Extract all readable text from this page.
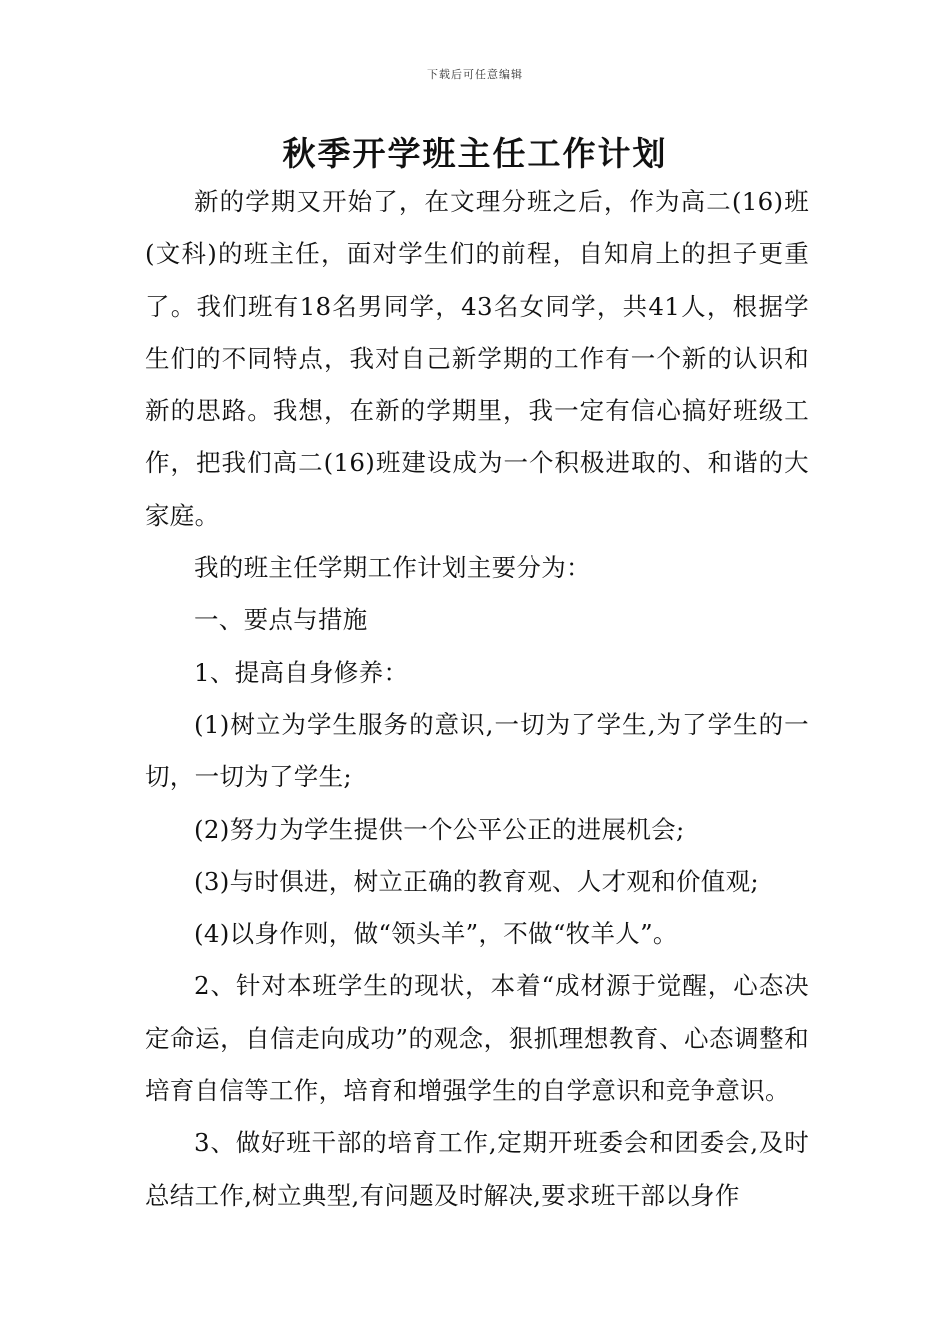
下载后可任意编辑
秋季开学班主任工作计划

新的学期又开始了，在文理分班之后，作为高二(16)班(文科)的班主任，面对学生们的前程，自知肩上的担子更重了。我们班有18名男同学，43名女同学，共41人，根据学生们的不同特点，我对自己新学期的工作有一个新的认识和新的思路。我想，在新的学期里，我一定有信心搞好班级工作，把我们高二(16)班建设成为一个积极进取的、和谐的大家庭。

我的班主任学期工作计划主要分为：

一、要点与措施

1、提高自身修养：

(1)树立为学生服务的意识,一切为了学生,为了学生的一切，一切为了学生;

(2)努力为学生提供一个公平公正的进展机会;

(3)与时俱进，树立正确的教育观、人才观和价值观;

(4)以身作则，做“领头羊”，不做“牧羊人”。

2、针对本班学生的现状，本着“成材源于觉醒，心态决定命运，自信走向成功”的观念，狠抓理想教育、心态调整和培育自信等工作，培育和增强学生的自学意识和竞争意识。

3、做好班干部的培育工作,定期开班委会和团委会,及时总结工作,树立典型,有问题及时解决,要求班干部以身作
